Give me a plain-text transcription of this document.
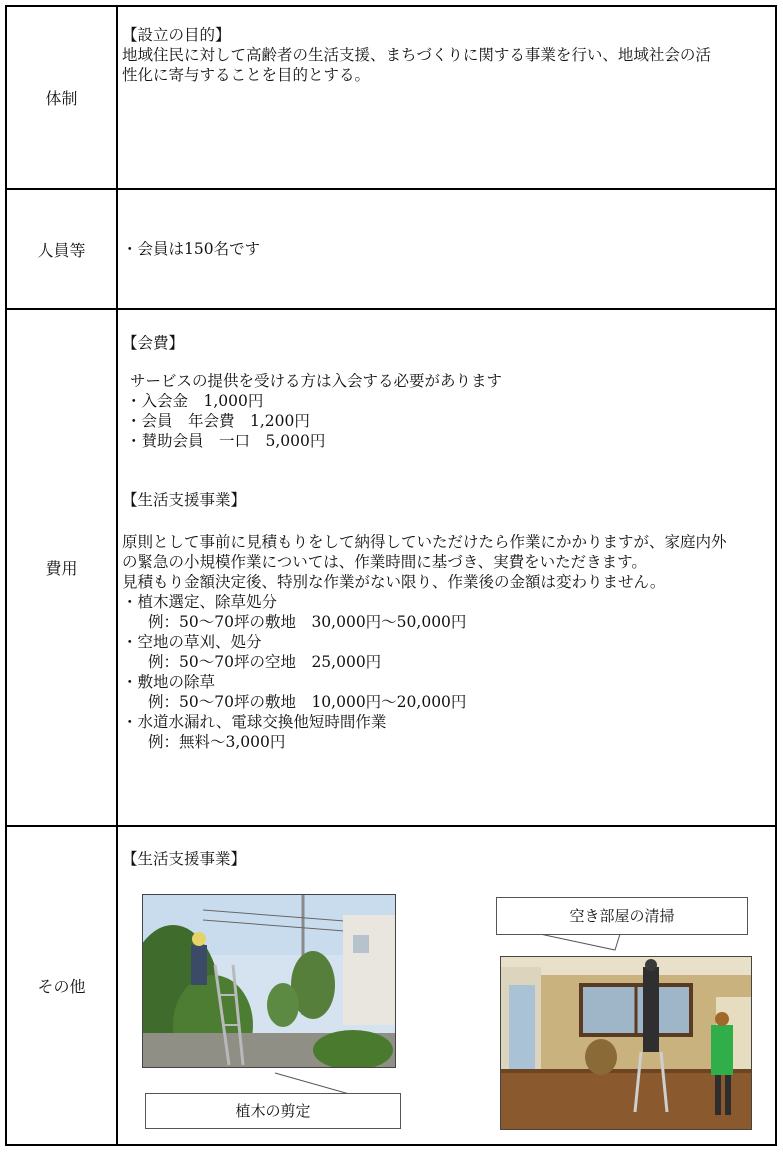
体制
【設立の目的】
地域住民に対して高齢者の生活支援、まちづくりに関する事業を行い、地域社会の活
性化に寄与することを目的とする。
人員等	・会員は150名です
費用
【会費】
サービスの提供を受ける方は入会する必要があります
・入会金　1,000円
・会員　年会費　1,200円
・賛助会員　一口　5,000円
【生活支援事業】
原則として事前に見積もりをして納得していただけたら作業にかかりますが、家庭内外
の緊急の小規模作業については、作業時間に基づき、実費をいただきます。
見積もり金額決定後、特別な作業がない限り、作業後の金額は変わりません。
・植木選定、除草処分
例：50～70坪の敷地　30,000円～50,000円
・空地の草刈、処分
例：50～70坪の空地　25,000円
・敷地の除草
例：50～70坪の敷地　10,000円～20,000円
・水道水漏れ、電球交換他短時間作業
例：無料～3,000円
その他
【生活支援事業】
植木の剪定
空き部屋の清掃
